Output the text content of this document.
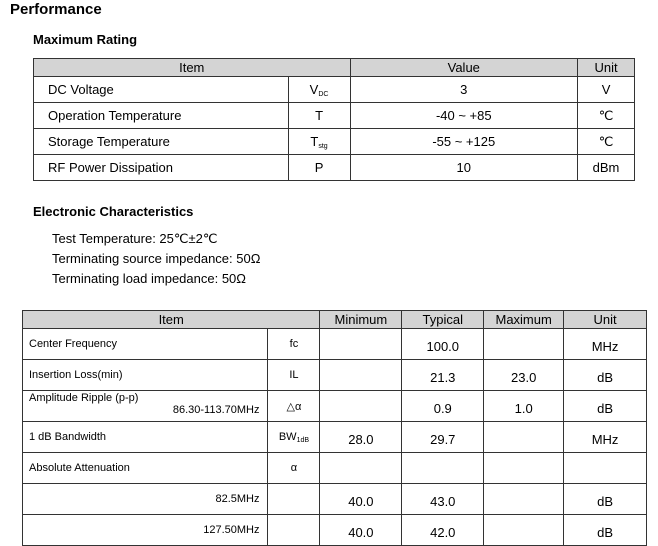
Performance
Maximum Rating
Item		Value	Unit
DC Voltage	$V_{DC}$	3	V
Operation Temperature	T	-40 ~ +85	℃
Storage Temperature	$T_{stg}$	-55 ~ +125	℃
RF Power Dissipation	P	10	dBm
Electronic Characteristics
Test Temperature: 25℃±2℃
Terminating source impedance: 50Ω
Terminating load impedance: 50Ω
Item		Minimum	Typical	Maximum	Unit
Center Frequency	fc		100.0		MHz
Insertion Loss(min)	IL		21.3	23.0	dB

Amplitude Ripple (p-p)
86.30-113.70MHz	△α		0.9	1.0	dB
1 dB Bandwidth	$BW_{1dB}$	28.0	29.7		MHz
Absolute Attenuation	α				
82.5MHz		40.0	43.0		dB
127.50MHz		40.0	42.0		dB
